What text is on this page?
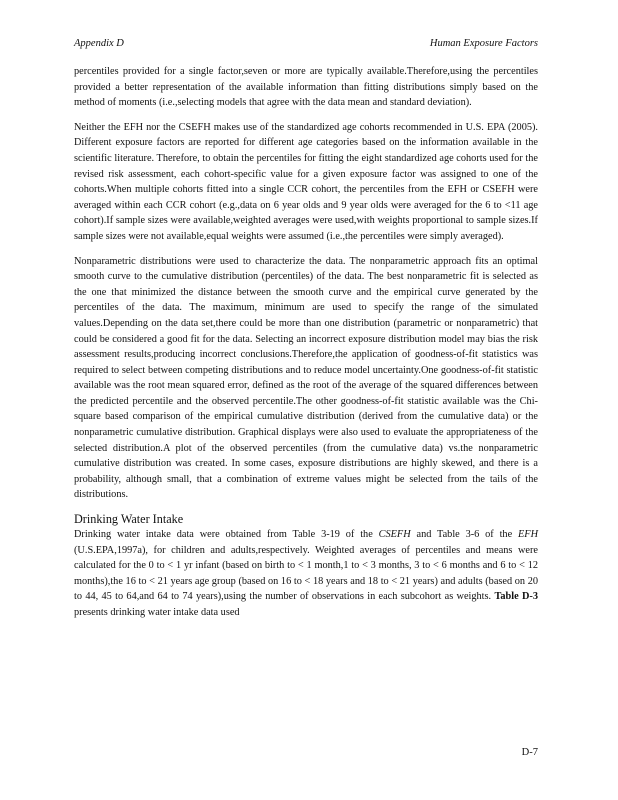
Appendix D	Human Exposure Factors

percentiles provided for a single factor,seven or more are typically available.Therefore,using the percentiles provided a better representation of the available information than fitting distributions simply based on the method of moments (i.e.,selecting models that agree with the data mean and standard deviation).

Neither the EFH nor the CSEFH makes use of the standardized age cohorts recommended in U.S. EPA (2005). Different exposure factors are reported for different age categories based on the information available in the scientific literature. Therefore, to obtain the percentiles for fitting the eight standardized age cohorts used for the revised risk assessment, each cohort-specific value for a given exposure factor was assigned to one of the cohorts.When multiple cohorts fitted into a single CCR cohort, the percentiles from the EFH or CSEFH were averaged within each CCR cohort (e.g.,data on 6 year olds and 9 year olds were averaged for the 6 to <11 age cohort).If sample sizes were available,weighted averages were used,with weights proportional to sample sizes.If sample sizes were not available,equal weights were assumed (i.e.,the percentiles were simply averaged).

Nonparametric distributions were used to characterize the data. The nonparametric approach fits an optimal smooth curve to the cumulative distribution (percentiles) of the data. The best nonparametric fit is selected as the one that minimized the distance between the smooth curve and the empirical curve generated by the percentiles of the data. The maximum, minimum are used to specify the range of the simulated values.Depending on the data set,there could be more than one distribution (parametric or nonparametric) that could be considered a good fit for the data. Selecting an incorrect exposure distribution model may bias the risk assessment results,producing incorrect conclusions.Therefore,the application of goodness-of-fit statistics was required to select between competing distributions and to reduce model uncertainty.One goodness-of-fit statistic available was the root mean squared error, defined as the root of the average of the squared differences between the predicted percentile and the observed percentile.The other goodness-of-fit statistic available was the Chi-square based comparison of the empirical cumulative distribution (derived from the cumulative data) or the nonparametric cumulative distribution. Graphical displays were also used to evaluate the appropriateness of the selected distribution.A plot of the observed percentiles (from the cumulative data) vs.the nonparametric cumulative distribution was created. In some cases, exposure distributions are highly skewed, and there is a probability, although small, that a combination of extreme values might be selected from the tails of the distributions.

Drinking Water Intake

Drinking water intake data were obtained from Table 3-19 of the CSEFH and Table 3-6 of the EFH (U.S.EPA,1997a), for children and adults,respectively. Weighted averages of percentiles and means were calculated for the 0 to < 1 yr infant (based on birth to < 1 month,1 to < 3 months, 3 to < 6 months and 6 to < 12 months),the 16 to < 21 years age group (based on 16 to < 18 years and 18 to < 21 years) and adults (based on 20 to 44, 45 to 64,and 64 to 74 years),using the number of observations in each subcohort as weights. Table D-3 presents drinking water intake data used

D-7
